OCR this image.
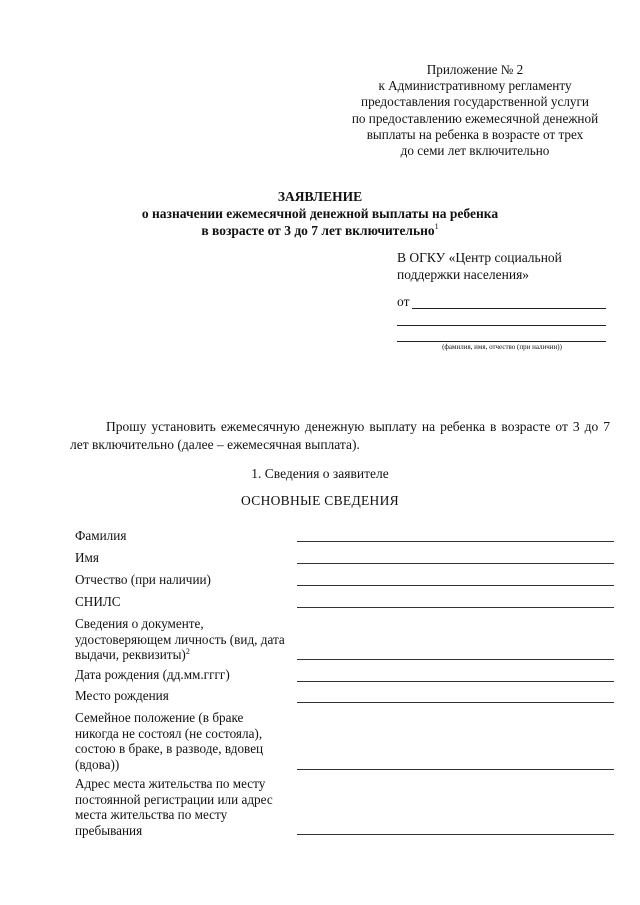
Приложение № 2
к Административному регламенту
предоставления государственной услуги
по предоставлению ежемесячной денежной
выплаты на ребенка в возрасте от трех
до семи лет включительно
ЗАЯВЛЕНИЕ
о назначении ежемесячной денежной выплаты на ребенка
в возрасте от 3 до 7 лет включительно$^1$
В ОГКУ «Центр социальной
поддержки населения»
от
(фамилия, имя, отчество (при наличии))
Прошу установить ежемесячную денежную выплату на ребенка в возрасте от 3 до 7 лет включительно (далее – ежемесячная выплата).
1. Сведения о заявителе
ОСНОВНЫЕ СВЕДЕНИЯ
Фамилия
Имя
Отчество (при наличии)
СНИЛС
Сведения о документе, удостоверяющем личность (вид, дата выдачи, реквизиты)$^2$
Дата рождения (дд.мм.гггг)
Место рождения
Семейное положение (в браке никогда не состоял (не состояла), состою в браке, в разводе, вдовец (вдова))
Адрес места жительства по месту постоянной регистрации или адрес места жительства по месту пребывания
